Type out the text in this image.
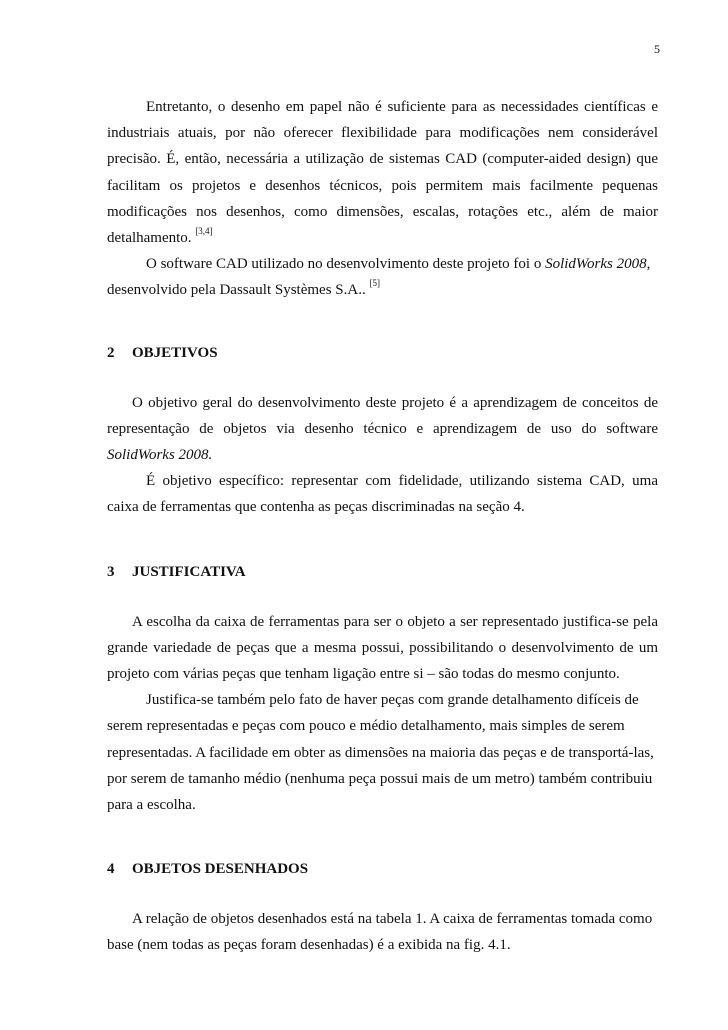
5

Entretanto, o desenho em papel não é suficiente para as necessidades científicas e industriais atuais, por não oferecer flexibilidade para modificações nem considerável precisão. É, então, necessária a utilização de sistemas CAD (computer-aided design) que facilitam os projetos e desenhos técnicos, pois permitem mais facilmente pequenas modificações nos desenhos, como dimensões, escalas, rotações etc., além de maior detalhamento. [3,4]

O software CAD utilizado no desenvolvimento deste projeto foi o SolidWorks 2008, desenvolvido pela Dassault Systèmes S.A.. [5]

2 OBJETIVOS

O objetivo geral do desenvolvimento deste projeto é a aprendizagem de conceitos de representação de objetos via desenho técnico e aprendizagem de uso do software SolidWorks 2008.

É objetivo específico: representar com fidelidade, utilizando sistema CAD, uma caixa de ferramentas que contenha as peças discriminadas na seção 4.

3 JUSTIFICATIVA

A escolha da caixa de ferramentas para ser o objeto a ser representado justifica-se pela grande variedade de peças que a mesma possui, possibilitando o desenvolvimento de um projeto com várias peças que tenham ligação entre si – são todas do mesmo conjunto.

Justifica-se também pelo fato de haver peças com grande detalhamento difíceis de serem representadas e peças com pouco e médio detalhamento, mais simples de serem representadas. A facilidade em obter as dimensões na maioria das peças e de transportá-las, por serem de tamanho médio (nenhuma peça possui mais de um metro) também contribuiu para a escolha.

4 OBJETOS DESENHADOS

A relação de objetos desenhados está na tabela 1. A caixa de ferramentas tomada como base (nem todas as peças foram desenhadas) é a exibida na fig. 4.1.
